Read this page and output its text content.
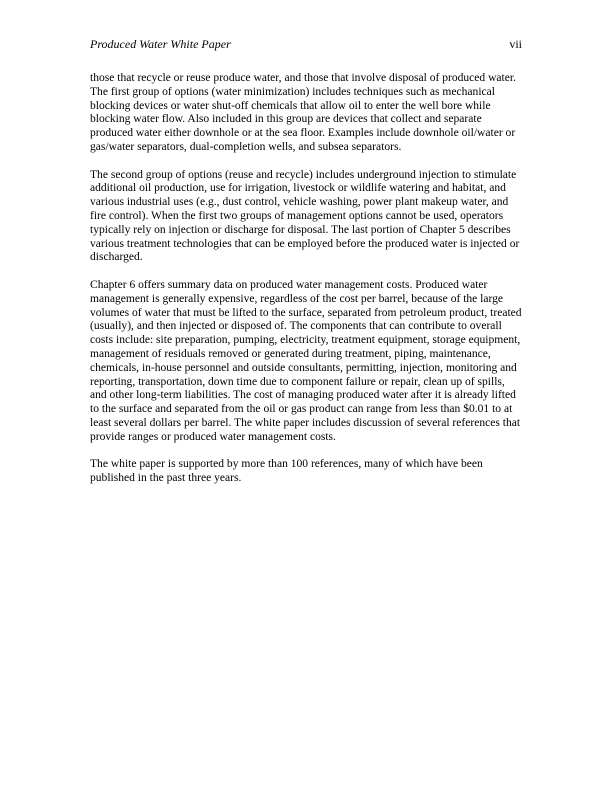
Produced Water White Paper	vii

those that recycle or reuse produce water, and those that involve disposal of produced water. The first group of options (water minimization) includes techniques such as mechanical blocking devices or water shut-off chemicals that allow oil to enter the well bore while blocking water flow. Also included in this group are devices that collect and separate produced water either downhole or at the sea floor. Examples include downhole oil/water or gas/water separators, dual-completion wells, and subsea separators.

The second group of options (reuse and recycle) includes underground injection to stimulate additional oil production, use for irrigation, livestock or wildlife watering and habitat, and various industrial uses (e.g., dust control, vehicle washing, power plant makeup water, and fire control). When the first two groups of management options cannot be used, operators typically rely on injection or discharge for disposal. The last portion of Chapter 5 describes various treatment technologies that can be employed before the produced water is injected or discharged.

Chapter 6 offers summary data on produced water management costs. Produced water management is generally expensive, regardless of the cost per barrel, because of the large volumes of water that must be lifted to the surface, separated from petroleum product, treated (usually), and then injected or disposed of. The components that can contribute to overall costs include: site preparation, pumping, electricity, treatment equipment, storage equipment, management of residuals removed or generated during treatment, piping, maintenance, chemicals, in-house personnel and outside consultants, permitting, injection, monitoring and reporting, transportation, down time due to component failure or repair, clean up of spills, and other long-term liabilities. The cost of managing produced water after it is already lifted to the surface and separated from the oil or gas product can range from less than $0.01 to at least several dollars per barrel. The white paper includes discussion of several references that provide ranges or produced water management costs.

The white paper is supported by more than 100 references, many of which have been published in the past three years.
